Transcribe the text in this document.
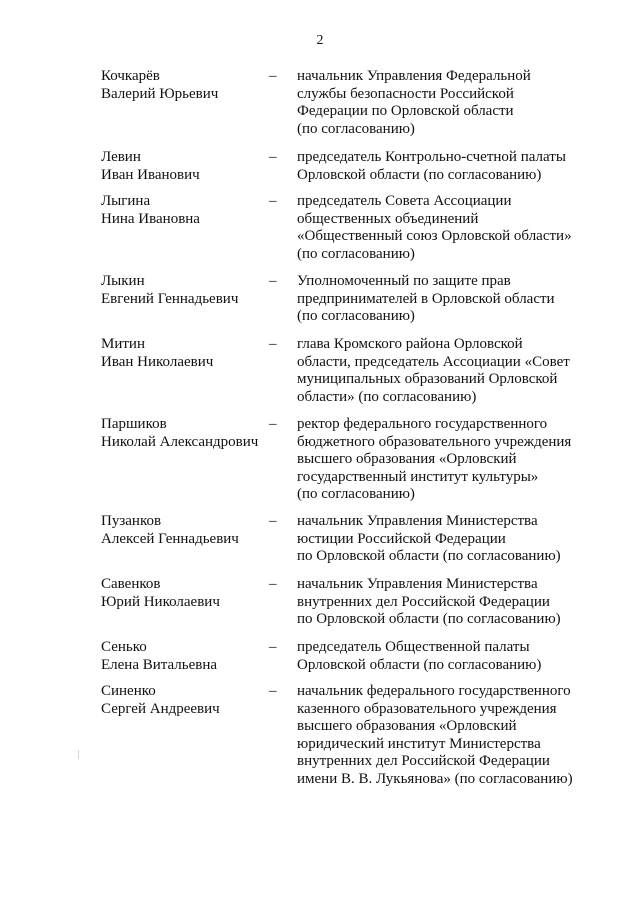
2
Кочкарёв
Валерий Юрьевич
– начальник Управления Федеральной
службы безопасности Российской
Федерации по Орловской области
(по согласованию)
Левин
Иван Иванович
– председатель Контрольно-счетной палаты
Орловской области (по согласованию)
Лыгина
Нина Ивановна
– председатель Совета Ассоциации
общественных объединений
«Общественный союз Орловской области»
(по согласованию)
Лыкин
Евгений Геннадьевич
– Уполномоченный по защите прав
предпринимателей в Орловской области
(по согласованию)
Митин
Иван Николаевич
– глава Кромского района Орловской
области, председатель Ассоциации «Совет
муниципальных образований Орловской
области» (по согласованию)
Паршиков
Николай Александрович
– ректор федерального государственного
бюджетного образовательного учреждения
высшего образования «Орловский
государственный институт культуры»
(по согласованию)
Пузанков
Алексей Геннадьевич
– начальник Управления Министерства
юстиции Российской Федерации
по Орловской области (по согласованию)
Савенков
Юрий Николаевич
– начальник Управления Министерства
внутренних дел Российской Федерации
по Орловской области (по согласованию)
Сенько
Елена Витальевна
– председатель Общественной палаты
Орловской области (по согласованию)
Синенко
Сергей Андреевич
– начальник федерального государственного
казенного образовательного учреждения
высшего образования «Орловский
юридический институт Министерства
внутренних дел Российской Федерации
имени В. В. Лукьянова» (по согласованию)
